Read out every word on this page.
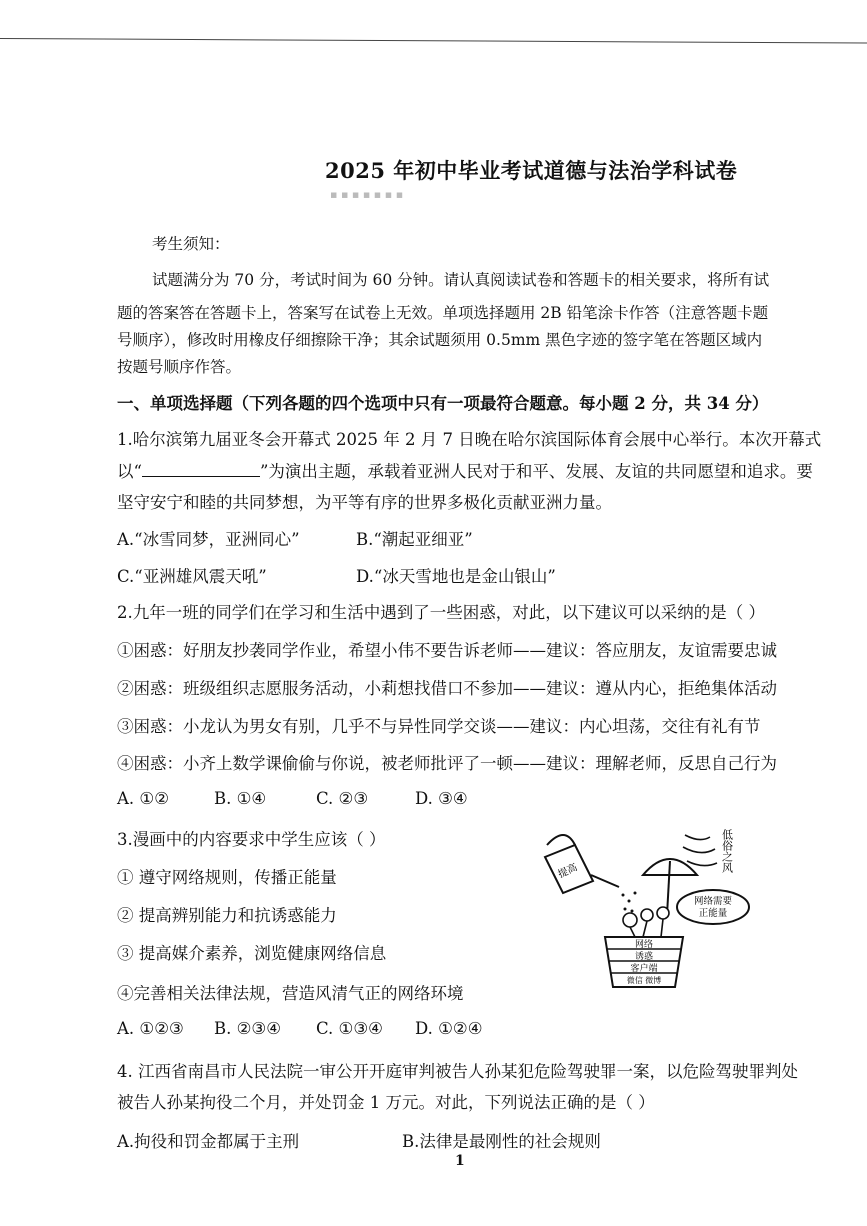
2025 年初中毕业考试道德与法治学科试卷
▪ ▪ ▪ ▪ ▪ ▪ ▪
考生须知：
试题满分为 70 分，考试时间为 60 分钟。请认真阅读试卷和答题卡的相关要求，将所有试
题的答案答在答题卡上，答案写在试卷上无效。单项选择题用 2B 铅笔涂卡作答（注意答题卡题
号顺序），修改时用橡皮仔细擦除干净；其余试题须用 0.5mm 黑色字迹的签字笔在答题区域内
按题号顺序作答。
一、单项选择题（下列各题的四个选项中只有一项最符合题意。每小题 2 分，共 34 分）
1.哈尔滨第九届亚冬会开幕式 2025 年 2 月 7 日晚在哈尔滨国际体育会展中心举行。本次开幕式
以“	”为演出主题，承载着亚洲人民对于和平、发展、友谊的共同愿望和追求。要
坚守安宁和睦的共同梦想，为平等有序的世界多极化贡献亚洲力量。
A.“冰雪同梦，亚洲同心”	B.“潮起亚细亚”
C.“亚洲雄风震天吼”	D.“冰天雪地也是金山银山”
2.九年一班的同学们在学习和生活中遇到了一些困惑，对此，以下建议可以采纳的是（ ）
①困惑：好朋友抄袭同学作业，希望小伟不要告诉老师——建议：答应朋友，友谊需要忠诚
②困惑：班级组织志愿服务活动，小莉想找借口不参加——建议：遵从内心，拒绝集体活动
③困惑：小龙认为男女有别，几乎不与异性同学交谈——建议：内心坦荡，交往有礼有节
④困惑：小齐上数学课偷偷与你说，被老师批评了一顿——建议：理解老师，反思自己行为
A. ①②	B. ①④	C. ②③	D. ③④
3.漫画中的内容要求中学生应该（ ）
① 遵守网络规则，传播正能量
② 提高辨别能力和抗诱惑能力
③ 提高媒介素养，浏览健康网络信息
④完善相关法律法规，营造风清气正的网络环境
A. ①②③ B. ②③④ C. ①③④ D. ①②④
低俗之风
提高
网络需要
正能量
网络
诱惑
客户端
微信 微博
4. 江西省南昌市人民法院一审公开开庭审判被告人孙某犯危险驾驶罪一案，以危险驾驶罪判处
被告人孙某拘役二个月，并处罚金 1 万元。对此，下列说法正确的是（ ）
A.拘役和罚金都属于主刑	B.法律是最刚性的社会规则
1
